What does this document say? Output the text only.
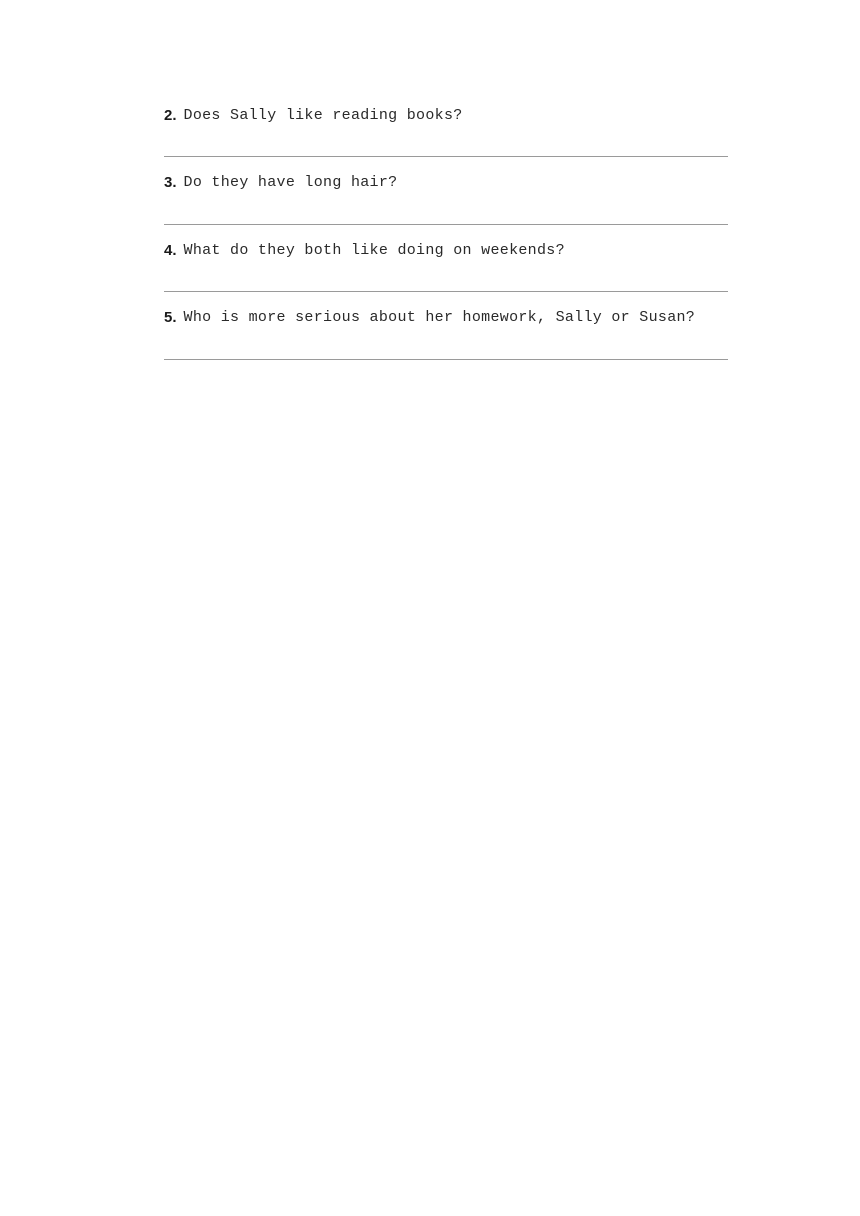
2. Does Sally like reading books?
3. Do they have long hair?
4. What do they both like doing on weekends?
5. Who is more serious about her homework, Sally or Susan?
